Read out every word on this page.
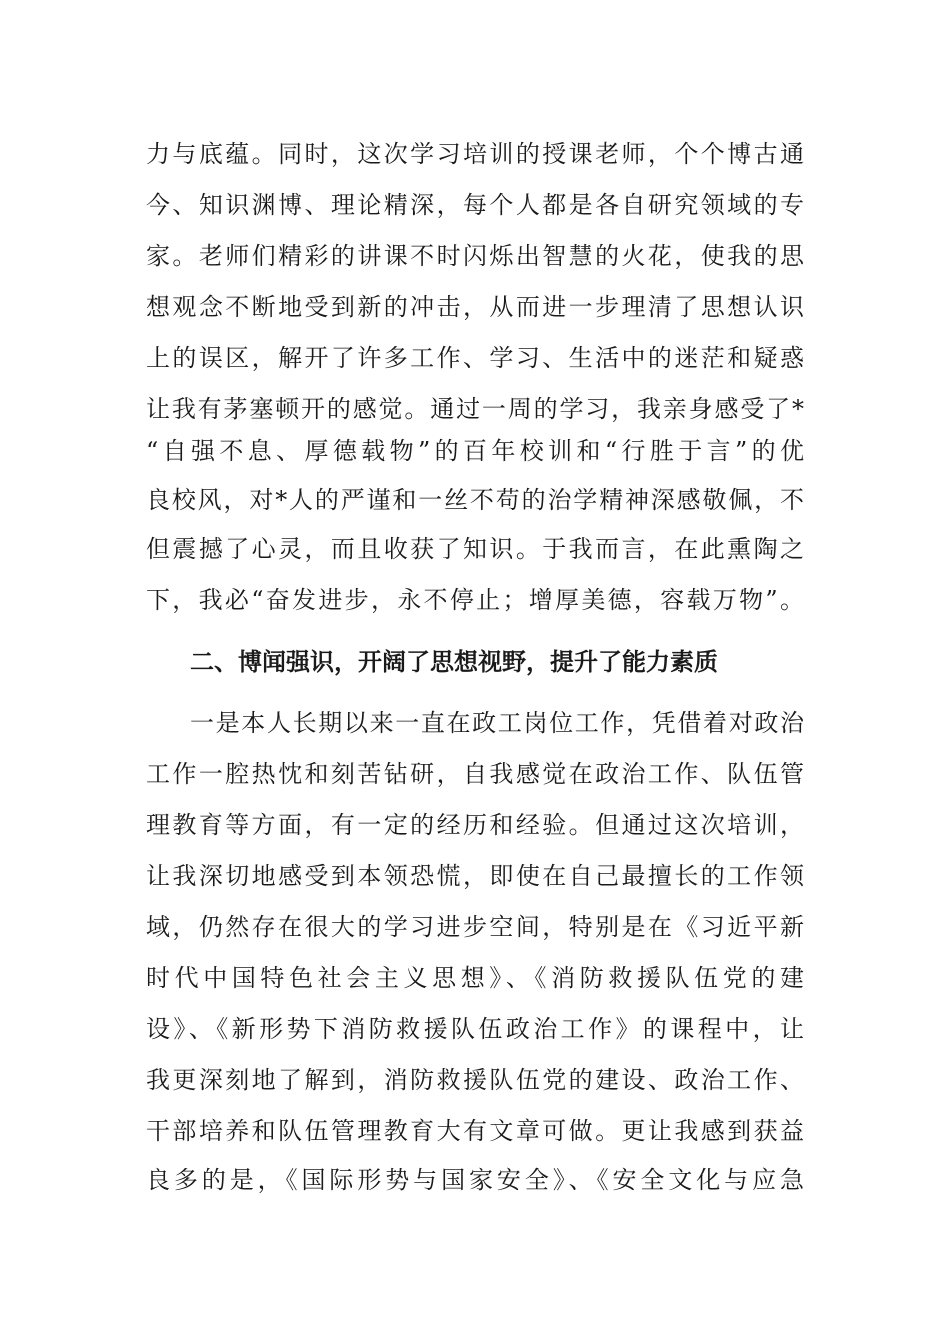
力与底蕴。同时，这次学习培训的授课老师，个个博古通
今、知识渊博、理论精深，每个人都是各自研究领域的专
家。老师们精彩的讲课不时闪烁出智慧的火花，使我的思
想观念不断地受到新的冲击，从而进一步理清了思想认识
上的误区，解开了许多工作、学习、生活中的迷茫和疑惑
让我有茅塞顿开的感觉。通过一周的学习，我亲身感受了*
“自强不息、厚德载物”的百年校训和“行胜于言”的优
良校风，对*人的严谨和一丝不苟的治学精神深感敬佩，不
但震撼了心灵，而且收获了知识。于我而言，在此熏陶之
下，我必“奋发进步，永不停止；增厚美德，容载万物”。
二、博闻强识，开阔了思想视野，提升了能力素质
一是本人长期以来一直在政工岗位工作，凭借着对政治
工作一腔热忱和刻苦钻研，自我感觉在政治工作、队伍管
理教育等方面，有一定的经历和经验。但通过这次培训，
让我深切地感受到本领恐慌，即使在自己最擅长的工作领
域，仍然存在很大的学习进步空间，特别是在《习近平新
时代中国特色社会主义思想》、《消防救援队伍党的建
设》、《新形势下消防救援队伍政治工作》的课程中，让
我更深刻地了解到，消防救援队伍党的建设、政治工作、
干部培养和队伍管理教育大有文章可做。更让我感到获益
良多的是，《国际形势与国家安全》、《安全文化与应急
